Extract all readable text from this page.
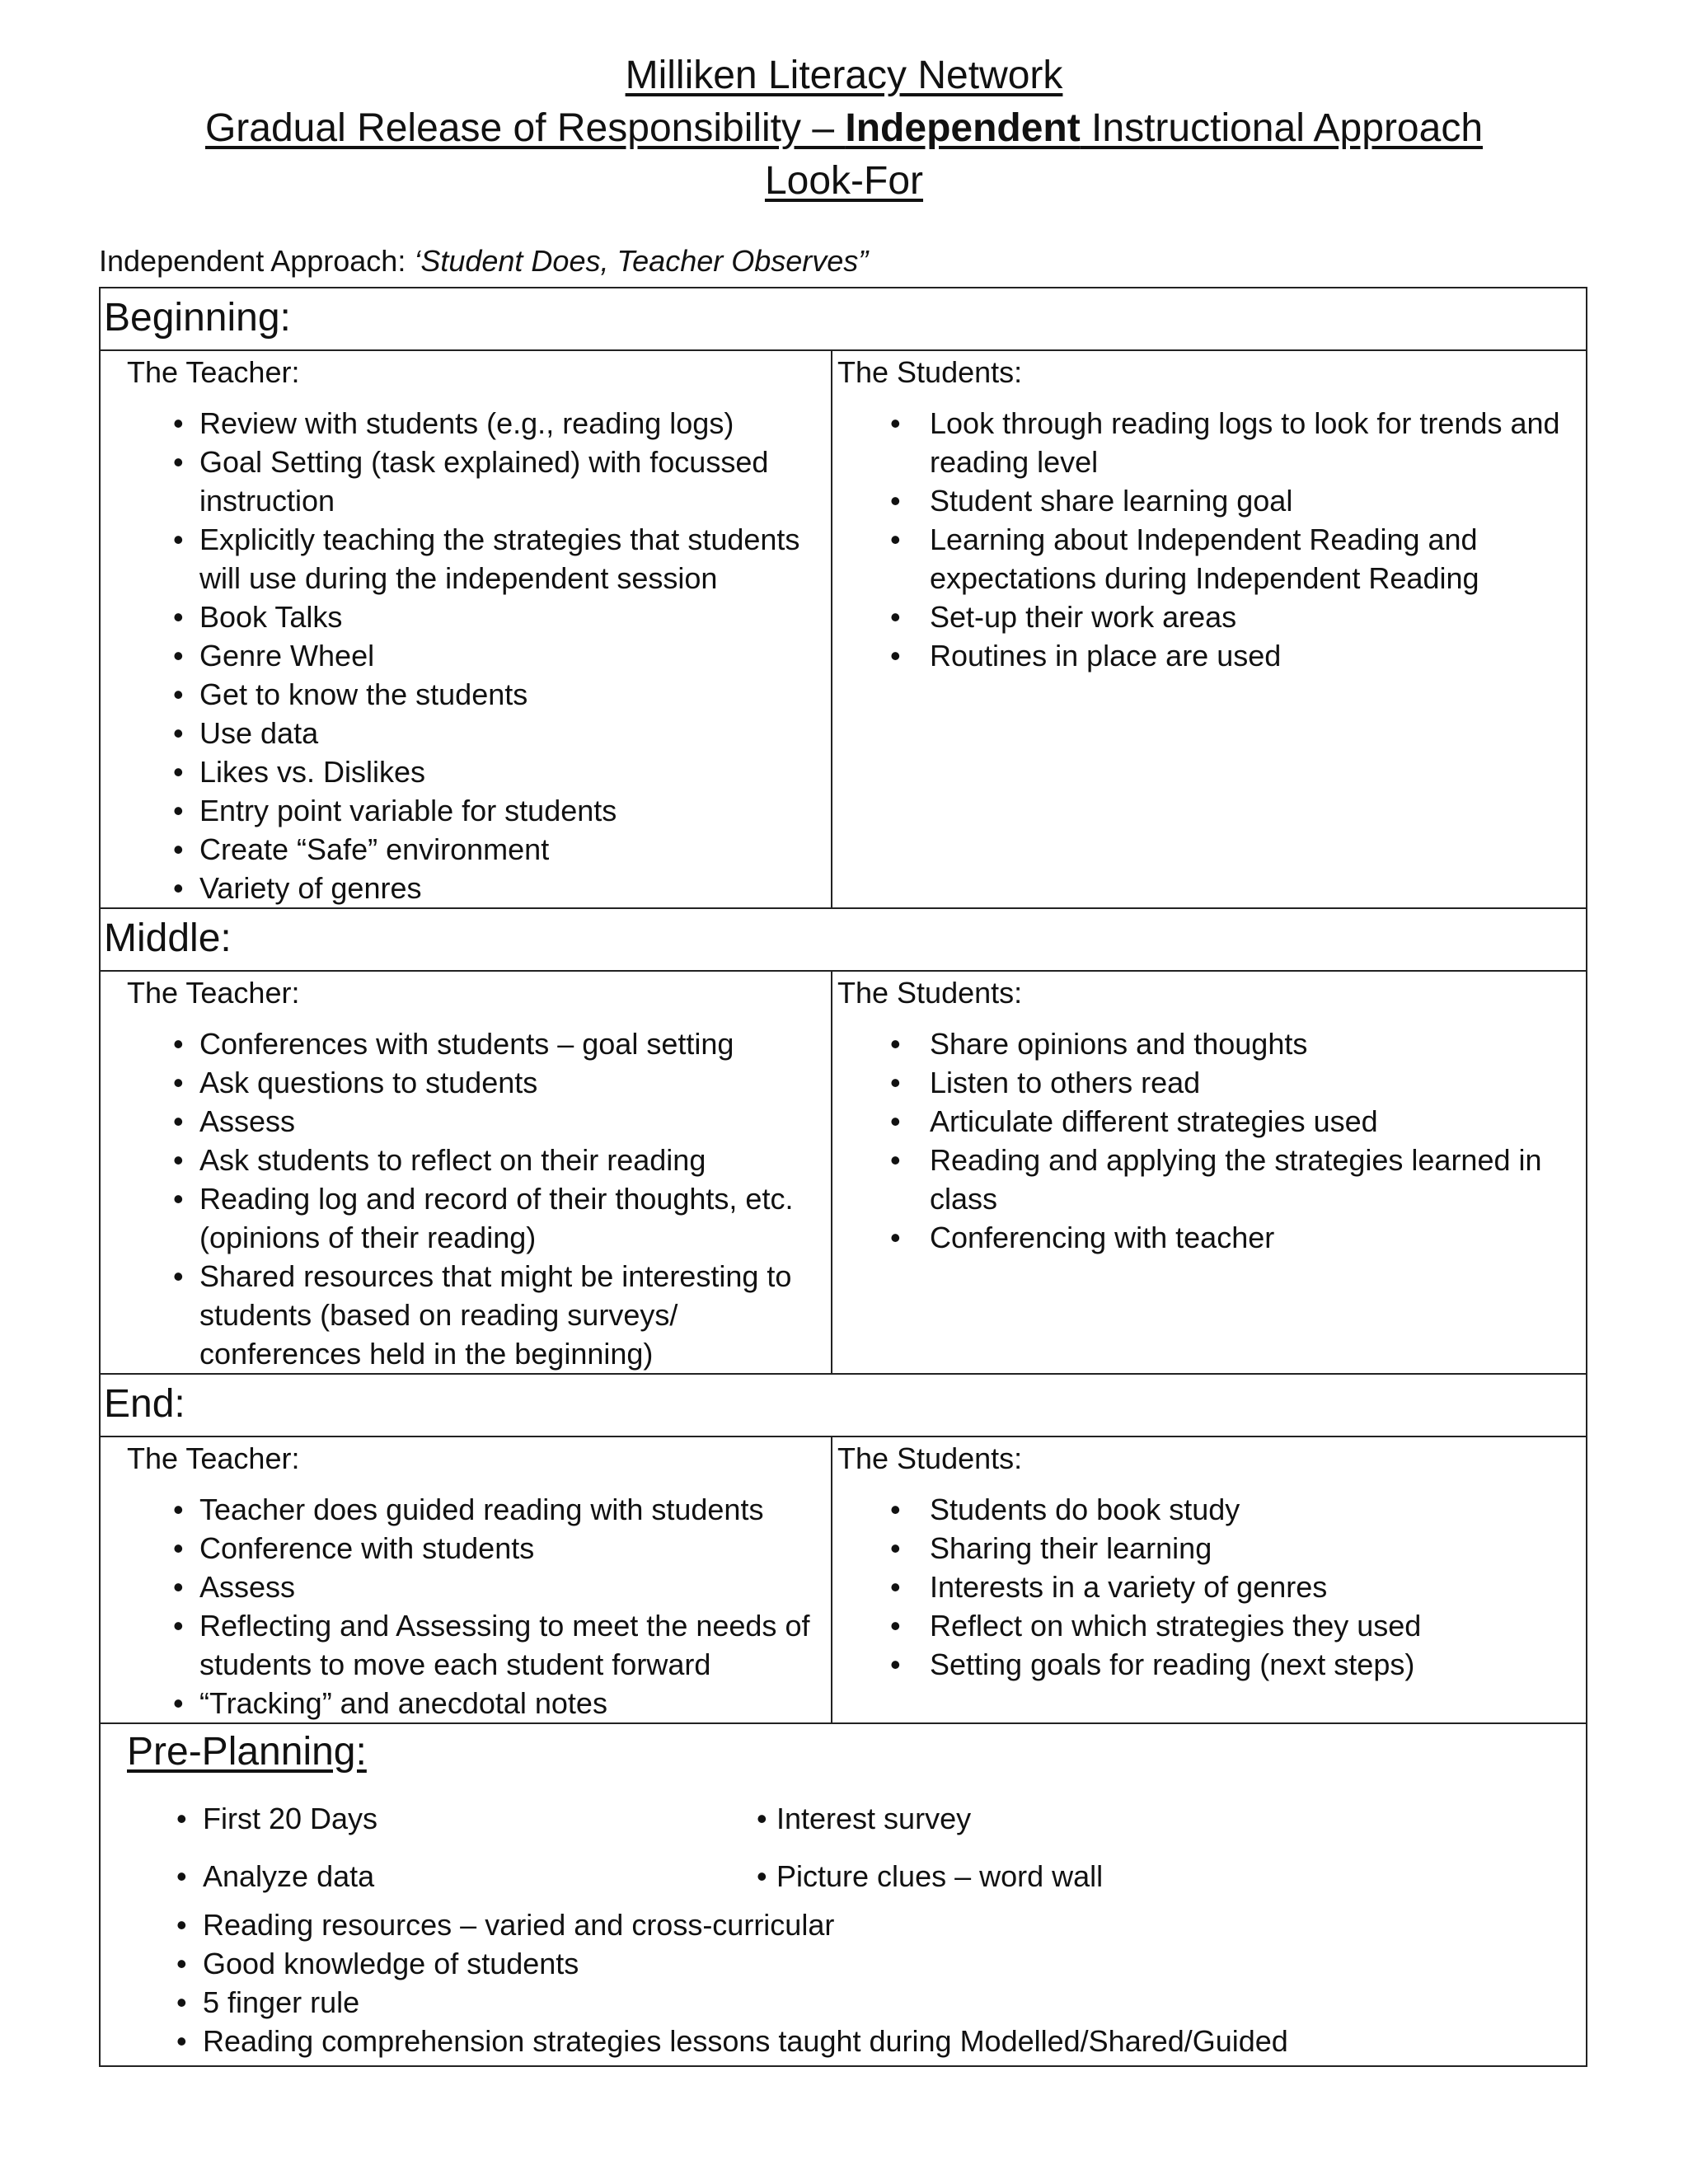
Milliken Literacy Network
Gradual Release of Responsibility – Independent Instructional Approach
Look-For
Independent Approach: ‘Student Does, Teacher Observes”
Beginning:
The Teacher:
• Review with students (e.g., reading logs)
• Goal Setting (task explained) with focussed instruction
• Explicitly teaching the strategies that students will use during the independent session
• Book Talks
• Genre Wheel
• Get to know the students
• Use data
• Likes vs. Dislikes
• Entry point variable for students
• Create “Safe” environment
• Variety of genres
The Students:
• Look through reading logs to look for trends and reading level
• Student share learning goal
• Learning about Independent Reading and expectations during Independent Reading
• Set-up their work areas
• Routines in place are used
Middle:
The Teacher:
• Conferences with students – goal setting
• Ask questions to students
• Assess
• Ask students to reflect on their reading
• Reading log and record of their thoughts, etc. (opinions of their reading)
• Shared resources that might be interesting to students (based on reading surveys/ conferences held in the beginning)
The Students:
• Share opinions and thoughts
• Listen to others read
• Articulate different strategies used
• Reading and applying the strategies learned in class
• Conferencing with teacher
End:
The Teacher:
• Teacher does guided reading with students
• Conference with students
• Assess
• Reflecting and Assessing to meet the needs of students to move each student forward
• “Tracking” and anecdotal notes
The Students:
• Students do book study
• Sharing their learning
• Interests in a variety of genres
• Reflect on which strategies they used
• Setting goals for reading (next steps)
Pre-Planning:
• First 20 Days	• Interest survey
• Analyze data	• Picture clues – word wall
• Reading resources – varied and cross-curricular
• Good knowledge of students
• 5 finger rule
• Reading comprehension strategies lessons taught during Modelled/Shared/Guided
